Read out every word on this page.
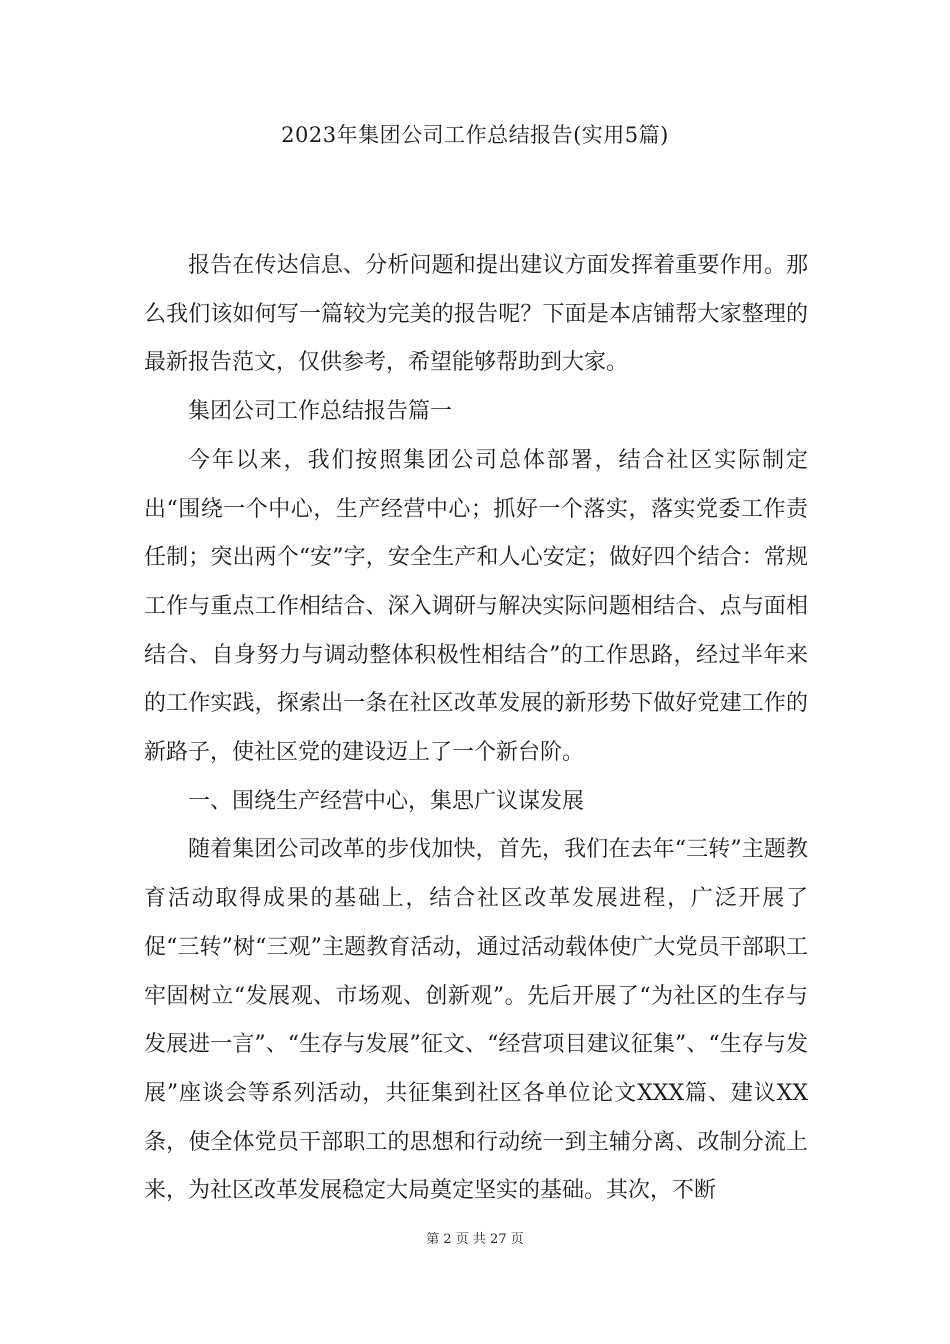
2023年集团公司工作总结报告(实用5篇)

报告在传达信息、分析问题和提出建议方面发挥着重要作用。那么我们该如何写一篇较为完美的报告呢？下面是本店铺帮大家整理的最新报告范文，仅供参考，希望能够帮助到大家。

集团公司工作总结报告篇一

今年以来，我们按照集团公司总体部署，结合社区实际制定出“围绕一个中心，生产经营中心；抓好一个落实，落实党委工作责任制；突出两个“安”字，安全生产和人心安定；做好四个结合：常规工作与重点工作相结合、深入调研与解决实际问题相结合、点与面相结合、自身努力与调动整体积极性相结合”的工作思路，经过半年来的工作实践，探索出一条在社区改革发展的新形势下做好党建工作的新路子，使社区党的建设迈上了一个新台阶。

一、围绕生产经营中心，集思广议谋发展

随着集团公司改革的步伐加快，首先，我们在去年“三转”主题教育活动取得成果的基础上，结合社区改革发展进程，广泛开展了促“三转”树“三观”主题教育活动，通过活动载体使广大党员干部职工牢固树立“发展观、市场观、创新观”。先后开展了“为社区的生存与发展进一言”、“生存与发展”征文、“经营项目建议征集”、“生存与发展”座谈会等系列活动，共征集到社区各单位论文XXX篇、建议XX条，使全体党员干部职工的思想和行动统一到主辅分离、改制分流上来，为社区改革发展稳定大局奠定坚实的基础。其次，不断

第 2 页 共 27 页
